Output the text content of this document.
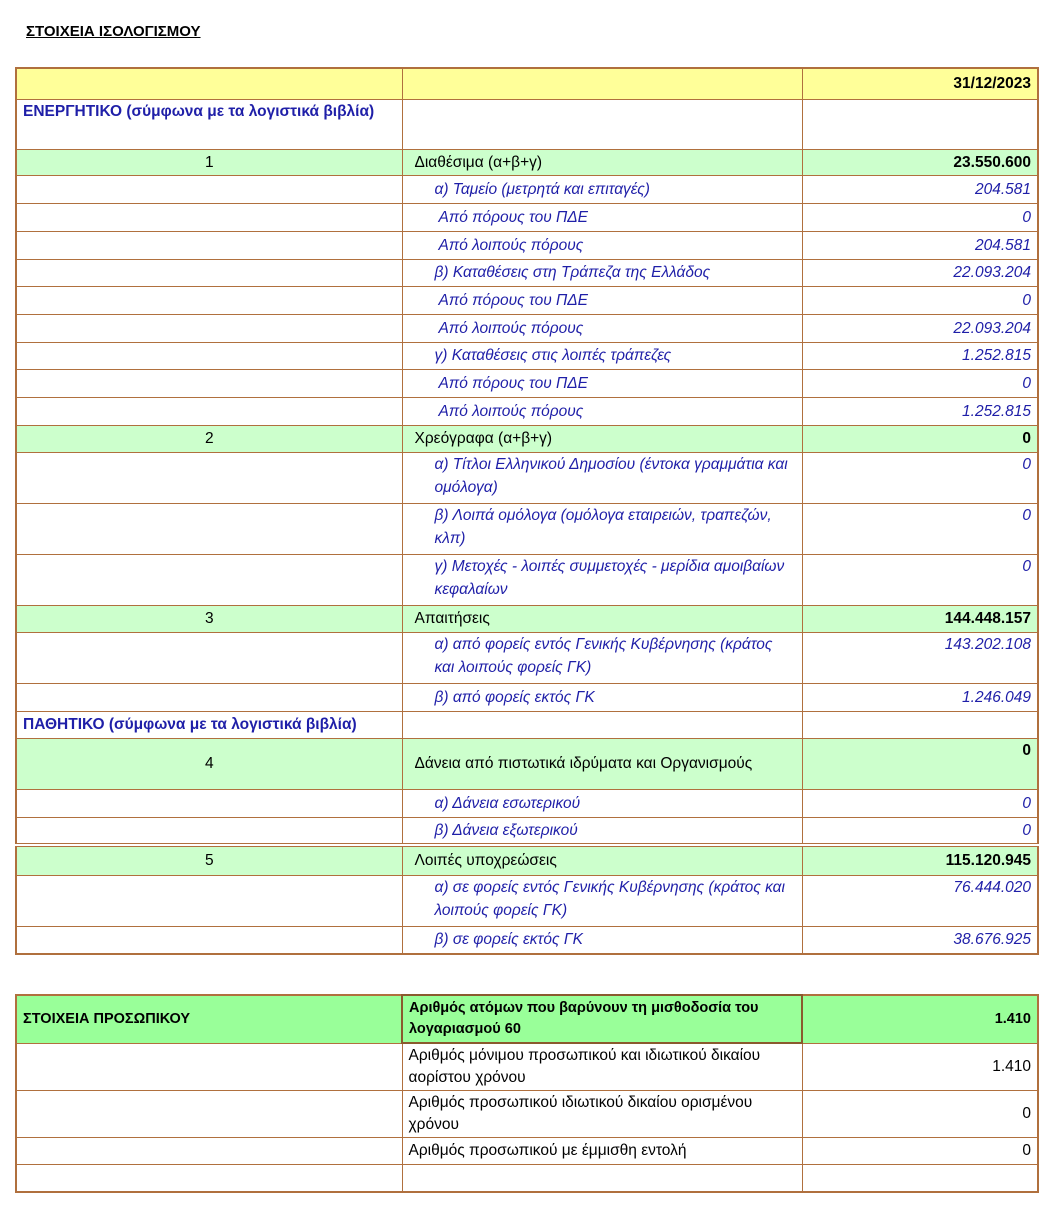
ΣΤΟΙΧΕΙΑ ΙΣΟΛΟΓΙΣΜΟΥ
		31/12/2023
ΕΝΕΡΓΗΤΙΚΟ (σύμφωνα με τα λογιστικά βιβλία)		
1	Διαθέσιμα (α+β+γ)	23.550.600
	α) Ταμείο (μετρητά και επιταγές)	204.581
	Από πόρους του ΠΔΕ	0
	Από λοιπούς πόρους	204.581
	β) Καταθέσεις στη Τράπεζα της Ελλάδος	22.093.204
	Από πόρους του ΠΔΕ	0
	Από λοιπούς πόρους	22.093.204
	γ) Καταθέσεις στις λοιπές τράπεζες	1.252.815
	Από πόρους του ΠΔΕ	0
	Από λοιπούς πόρους	1.252.815
2	Χρεόγραφα (α+β+γ)	0
	α) Τίτλοι Ελληνικού Δημοσίου (έντοκα γραμμάτια και ομόλογα)	0
	β) Λοιπά ομόλογα (ομόλογα εταιρειών, τραπεζών, κλπ)	0
	γ) Μετοχές - λοιπές συμμετοχές - μερίδια αμοιβαίων κεφαλαίων	0
3	Απαιτήσεις	144.448.157
	α) από φορείς εντός Γενικής Κυβέρνησης (κράτος και λοιπούς φορείς ΓΚ)	143.202.108
	β) από φορείς εκτός ΓΚ	1.246.049
ΠΑΘΗΤΙΚΟ (σύμφωνα με τα λογιστικά βιβλία)		
4	Δάνεια από πιστωτικά ιδρύματα και Οργανισμούς	0
	α) Δάνεια εσωτερικού	0
	β) Δάνεια εξωτερικού	0
5	Λοιπές υποχρεώσεις	115.120.945
	α) σε φορείς εντός Γενικής Κυβέρνησης (κράτος και λοιπούς φορείς ΓΚ)	76.444.020
	β) σε φορείς εκτός ΓΚ	38.676.925
ΣΤΟΙΧΕΙΑ ΠΡΟΣΩΠΙΚΟΥ	Αριθμός ατόμων που βαρύνουν τη μισθοδοσία του λογαριασμού 60	1.410
	Αριθμός μόνιμου προσωπικού και ιδιωτικού δικαίου αορίστου χρόνου	1.410
	Αριθμός προσωπικού ιδιωτικού δικαίου ορισμένου χρόνου	0
	Αριθμός προσωπικού με έμμισθη εντολή	0
